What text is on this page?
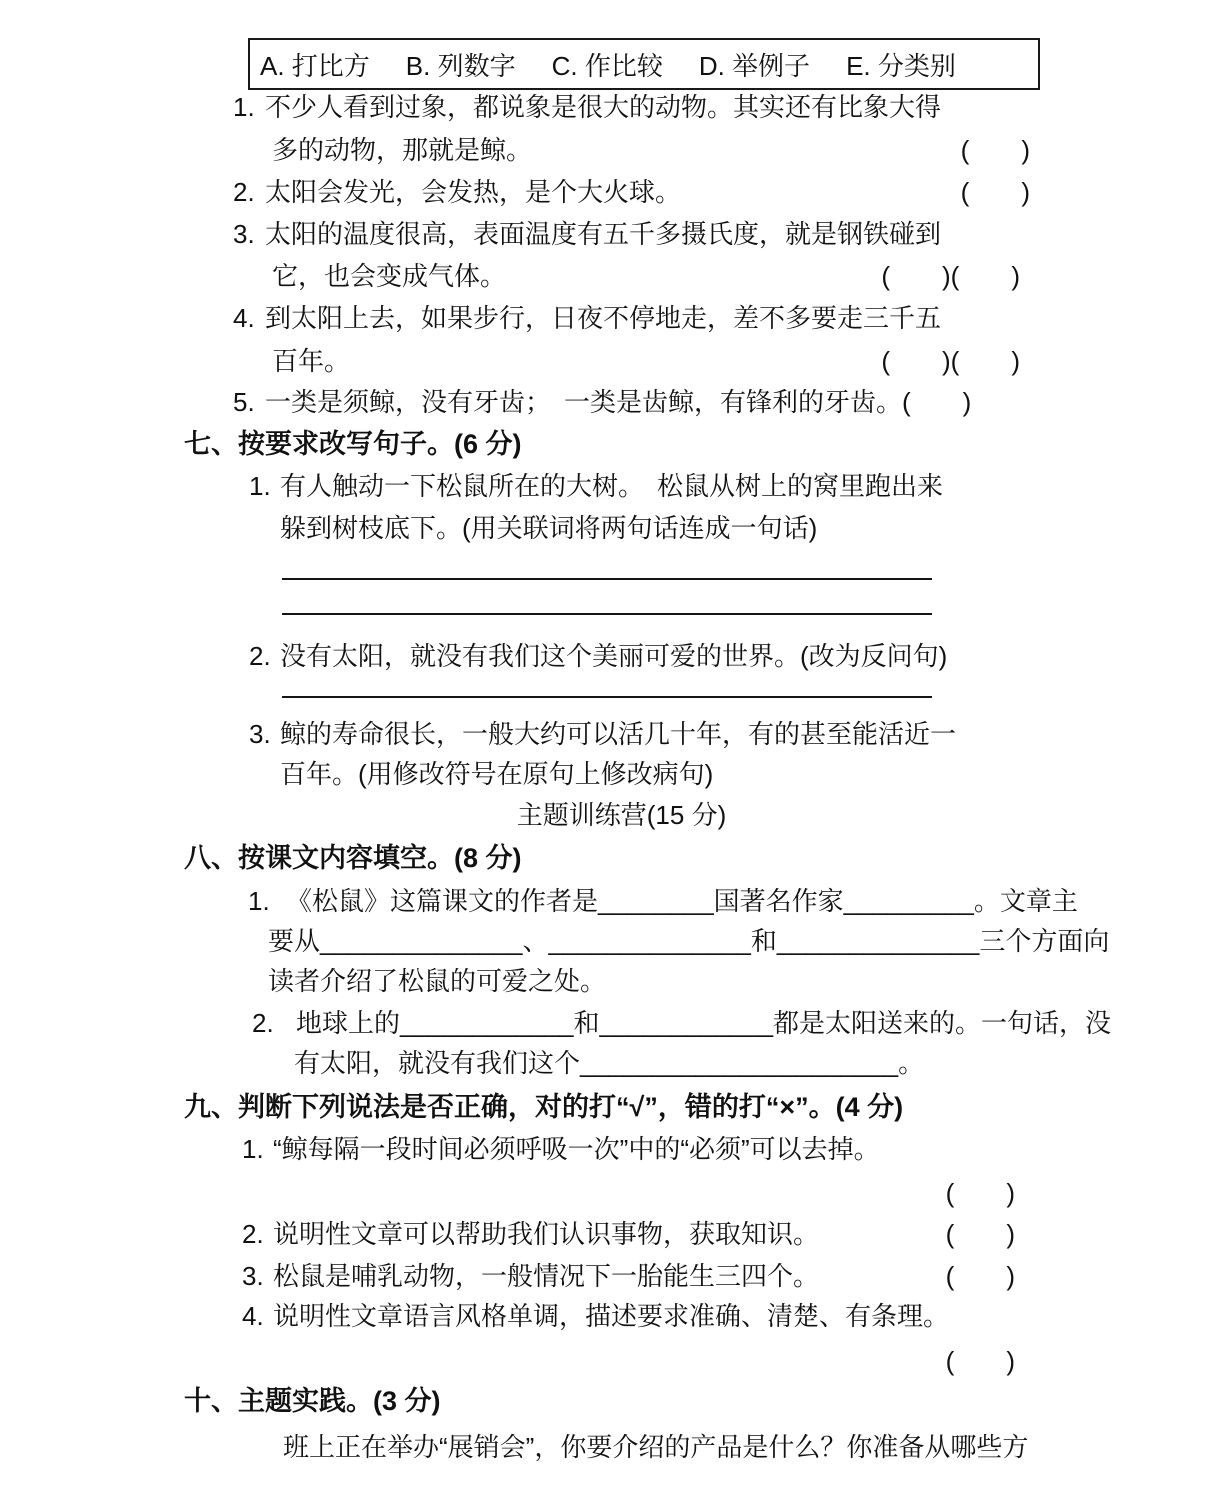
A. 打比方 B. 列数字 C. 作比较 D. 举例子 E. 分类别
1. 不少人看到过象，都说象是很大的动物。其实还有比象大得
多的动物，那就是鲸。	(　　)
2. 太阳会发光，会发热，是个大火球。	(　　)
3. 太阳的温度很高，表面温度有五千多摄氏度，就是钢铁碰到
它，也会变成气体。	(　　)(　　)
4. 到太阳上去，如果步行，日夜不停地走，差不多要走三千五
百年。	(　　)(　　)
5. 一类是须鲸，没有牙齿；　一类是齿鲸，有锋利的牙齿。(　　)
七、按要求改写句子。(6 分)
1. 有人触动一下松鼠所在的大树。　松鼠从树上的窝里跑出来
躲到树枝底下。(用关联词将两句话连成一句话)
2. 没有太阳，就没有我们这个美丽可爱的世界。(改为反问句)
3. 鲸的寿命很长，一般大约可以活几十年，有的甚至能活近一
百年。(用修改符号在原句上修改病句)
主题训练营(15 分)
八、按课文内容填空。(8 分)
1. 《松鼠》这篇课文的作者是________国著名作家_________。文章主
要从______________、______________和______________三个方面向
读者介绍了松鼠的可爱之处。
2. 地球上的____________和____________都是太阳送来的。一句话，没
有太阳，就没有我们这个______________________。
九、判断下列说法是否正确，对的打“√”，错的打“×”。(4 分)
1. “鲸每隔一段时间必须呼吸一次”中的“必须”可以去掉。
(　　)
2. 说明性文章可以帮助我们认识事物，获取知识。	(　　)
3. 松鼠是哺乳动物，一般情况下一胎能生三四个。	(　　)
4. 说明性文章语言风格单调，描述要求准确、清楚、有条理。
(　　)
十、主题实践。(3 分)
班上正在举办“展销会”，你要介绍的产品是什么？你准备从哪些方
